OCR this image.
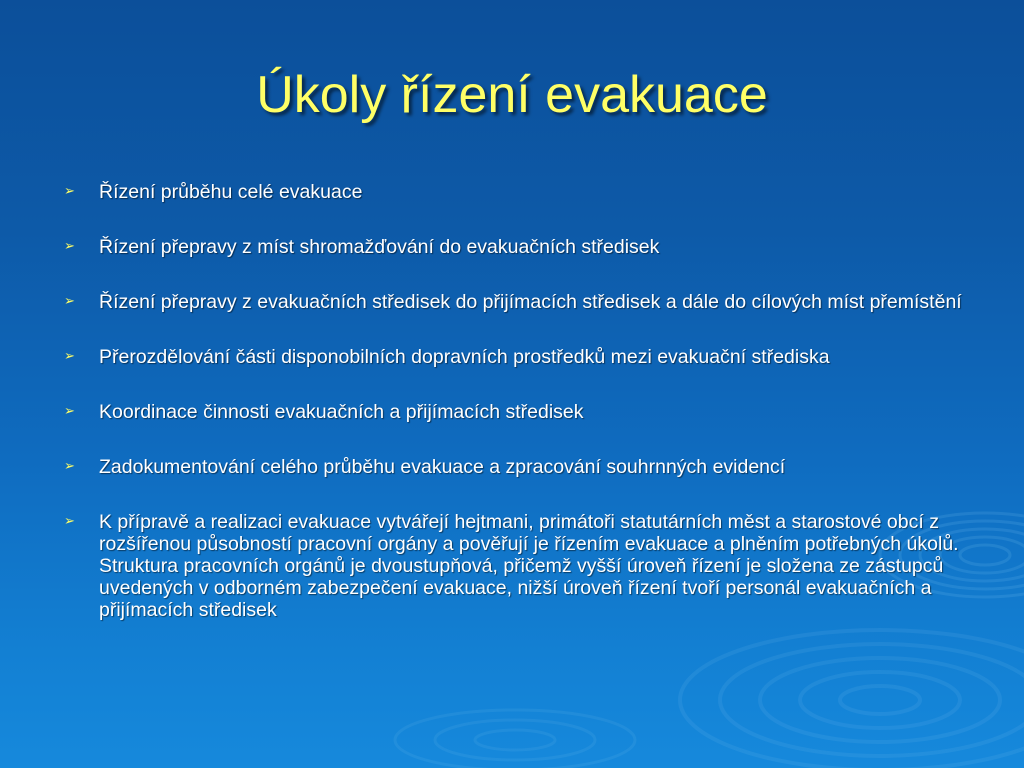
Úkoly řízení evakuace
➢ Řízení průběhu celé evakuace
➢ Řízení přepravy z míst shromažďování do evakuačních středisek
➢ Řízení přepravy z evakuačních středisek do přijímacích středisek a dále do cílových míst přemístění
➢ Přerozdělování části disponobilních dopravních prostředků mezi evakuační střediska
➢ Koordinace činnosti evakuačních a přijímacích středisek
➢ Zadokumentování celého průběhu evakuace a zpracování souhrnných evidencí
➢ K přípravě a realizaci evakuace vytvářejí hejtmani, primátoři statutárních měst a starostové obcí z rozšířenou působností pracovní orgány a pověřují je řízením evakuace a plněním potřebných úkolů. Struktura pracovních orgánů je dvoustupňová, přičemž vyšší úroveň řízení je složena ze zástupců uvedených v odborném zabezpečení evakuace, nižší úroveň řízení tvoří personál evakuačních a přijímacích středisek
